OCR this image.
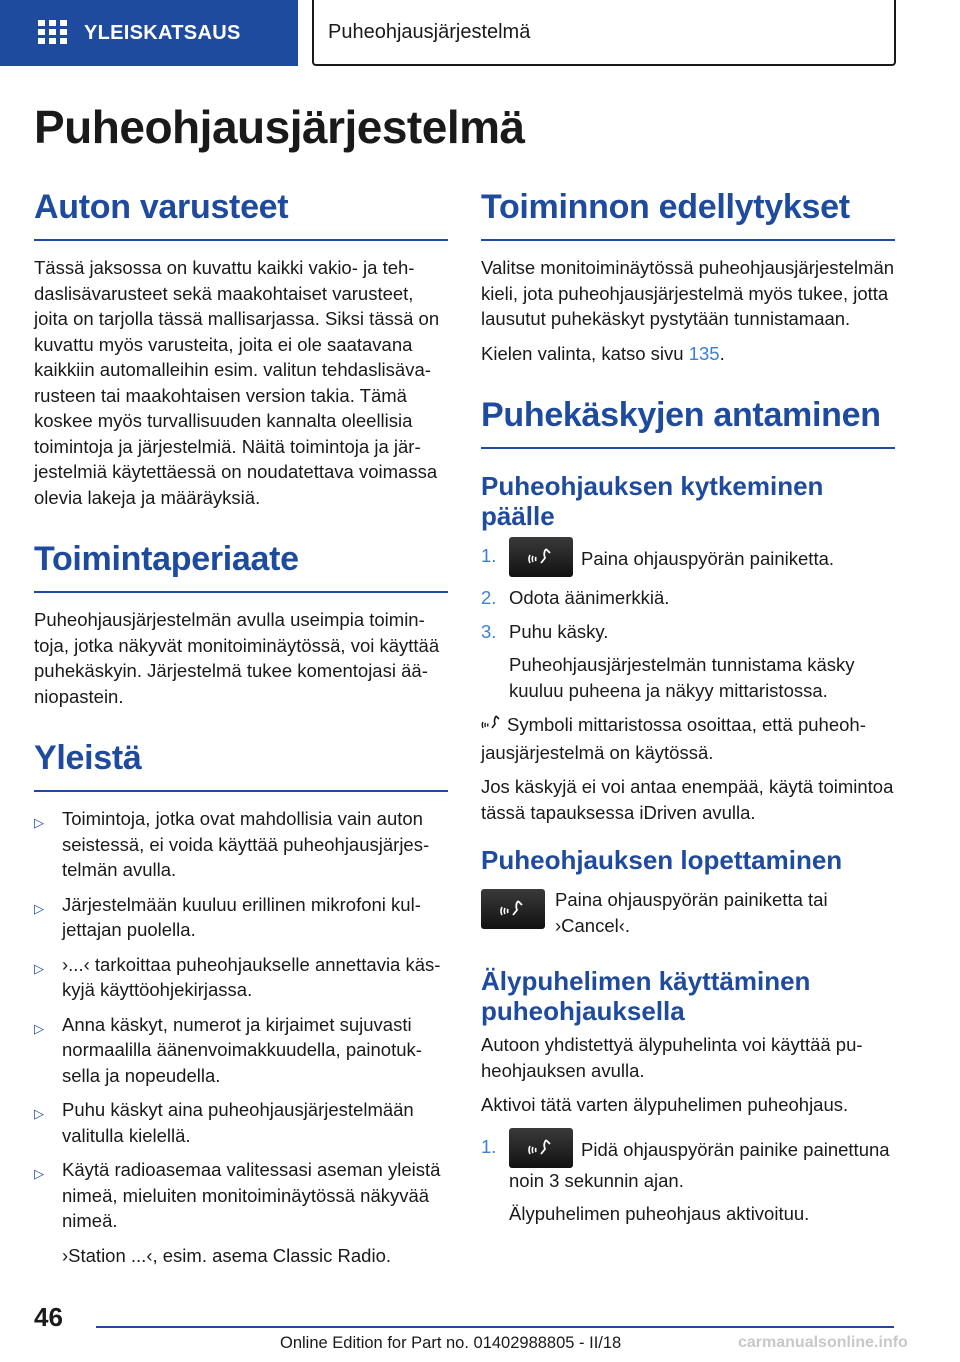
YLEISKATSAUS	Puheohjausjärjestelmä
Puheohjausjärjestelmä
Auton varusteet

Tässä jaksossa on kuvattu kaikki vakio- ja tehdaslisävarusteet sekä maakohtaiset varusteet, joita on tarjolla tässä mallisarjassa. Siksi tässä on kuvattu myös varusteita, joita ei ole saatavana kaikkiin automalleihin esim. valitun tehdaslisävarusteen tai maakohtaisen version takia. Tämä koskee myös turvallisuuden kannalta oleellisia toimintoja ja järjestelmiä. Näitä toimintoja ja järjestelmiä käytettäessä on noudatettava voimassa olevia lakeja ja määräyksiä.

Toimintaperiaate

Puheohjausjärjestelmän avulla useimpia toimintoja, jotka näkyvät monitoiminäytössä, voi käyttää puhekäskyin. Järjestelmä tukee komentojasi ääniopastein.

Yleistä
▷ Toimintoja, jotka ovat mahdollisia vain auton seistessä, ei voida käyttää puheohjausjärjestelmän avulla.
▷ Järjestelmään kuuluu erillinen mikrofoni kuljettajan puolella.
▷ ›...‹ tarkoittaa puheohjaukselle annettavia käskyjä käyttöohjekirjassa.
▷ Anna käskyt, numerot ja kirjaimet sujuvasti normaalilla äänenvoimakkuudella, painotuksella ja nopeudella.
▷ Puhu käskyt aina puheohjausjärjestelmään valitulla kielellä.
▷ Käytä radioasemaa valitessasi aseman yleistä nimeä, mieluiten monitoiminäytössä näkyvää nimeä.

›Station ...‹, esim. asema Classic Radio.

Toiminnon edellytykset

Valitse monitoiminäytössä puheohjausjärjestelmän kieli, jota puheohjausjärjestelmä myös tukee, jotta lausutut puhekäskyt pystytään tunnistamaan.

Kielen valinta, katso sivu 135.

Puhekäskyjen antaminen
Puheohjauksen kytkeminen päälle
1.	Paina ohjauspyörän painiketta.
2. Odota äänimerkkiä.
3. Puhu käsky.

Puheohjausjärjestelmän tunnistama käsky kuuluu puheena ja näkyy mittaristossa.

Symboli mittaristossa osoittaa, että puheohjausjärjestelmä on käytössä.

Jos käskyjä ei voi antaa enempää, käytä toimintoa tässä tapauksessa iDriven avulla.

Puheohjauksen lopettaminen

Paina ohjauspyörän painiketta tai ›Cancel‹.

Älypuhelimen käyttäminen puheohjauksella

Autoon yhdistettyä älypuhelinta voi käyttää puheohjauksen avulla.

Aktivoi tätä varten älypuhelimen puheohjaus.

1.	Pidä ohjauspyörän painike painettuna noin 3 sekunnin ajan.

Älypuhelimen puheohjaus aktivoituu.

46
Online Edition for Part no. 01402988805 - II/18	carmanualsonline.info
